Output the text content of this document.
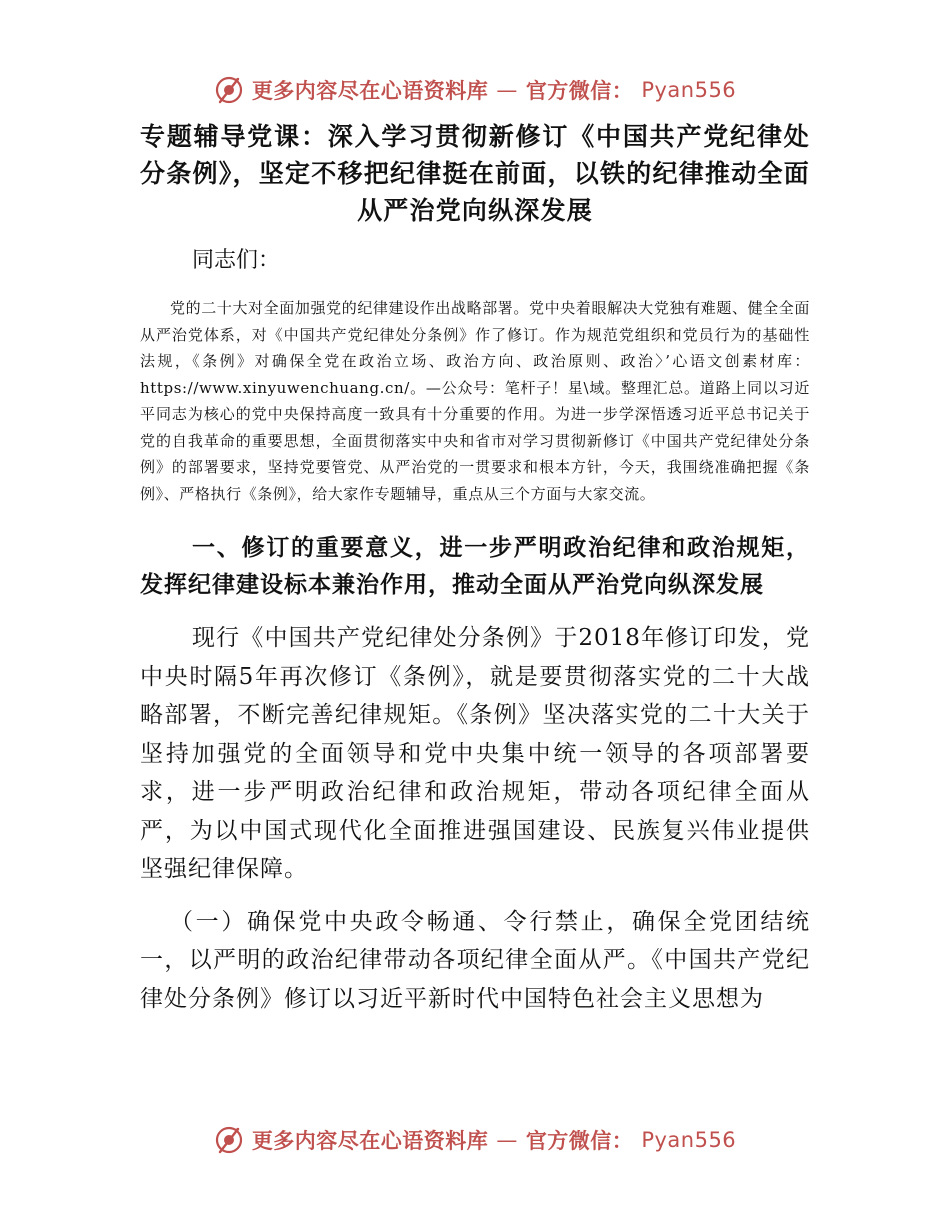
更多内容尽在心语资料库 — 官方微信： Pyan556
专题辅导党课：深入学习贯彻新修订《中国共产党纪律处分条例》，坚定不移把纪律挺在前面，以铁的纪律推动全面从严治党向纵深发展

同志们：

党的二十大对全面加强党的纪律建设作出战略部署。党中央着眼解决大党独有难题、健全全面从严治党体系，对《中国共产党纪律处分条例》作了修订。作为规范党组织和党员行为的基础性法规，《条例》对确保全党在政治立场、政治方向、政治原则、政治〉’心语文创素材库：https://www.xinyuwenchuang.cn/。—公众号：笔杆子！星\域。整理汇总。道路上同以习近平同志为核心的党中央保持高度一致具有十分重要的作用。为进一步学深悟透习近平总书记关于党的自我革命的重要思想，全面贯彻落实中央和省市对学习贯彻新修订《中国共产党纪律处分条例》的部署要求，坚持党要管党、从严治党的一贯要求和根本方针，今天，我围绕准确把握《条例》、严格执行《条例》，给大家作专题辅导，重点从三个方面与大家交流。

一、修订的重要意义，进一步严明政治纪律和政治规矩，发挥纪律建设标本兼治作用，推动全面从严治党向纵深发展

现行《中国共产党纪律处分条例》于2018年修订印发，党中央时隔5年再次修订《条例》，就是要贯彻落实党的二十大战略部署，不断完善纪律规矩。《条例》坚决落实党的二十大关于坚持加强党的全面领导和党中央集中统一领导的各项部署要求，进一步严明政治纪律和政治规矩，带动各项纪律全面从严，为以中国式现代化全面推进强国建设、民族复兴伟业提供坚强纪律保障。

（一）确保党中央政令畅通、令行禁止，确保全党团结统一，以严明的政治纪律带动各项纪律全面从严。《中国共产党纪律处分条例》修订以习近平新时代中国特色社会主义思想为

更多内容尽在心语资料库 — 官方微信： Pyan556
